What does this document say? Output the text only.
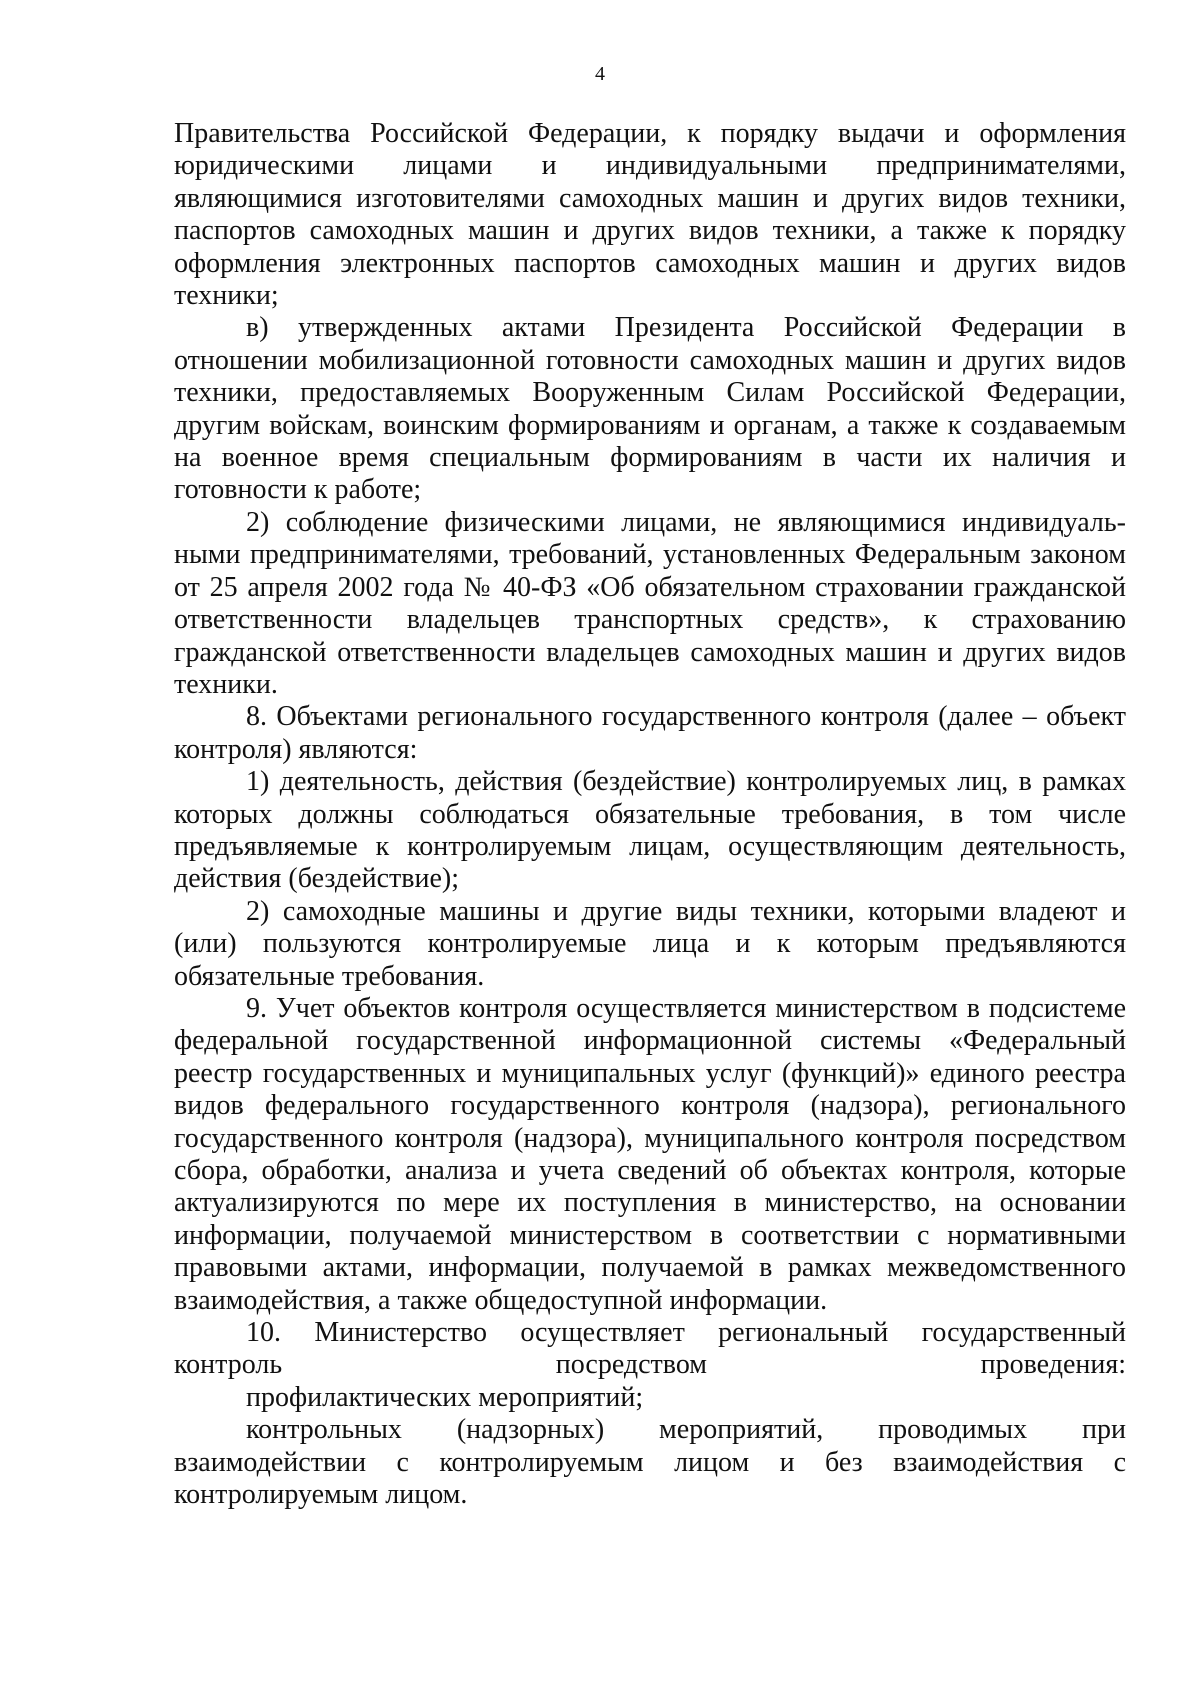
4

Правительства Российской Федерации, к порядку выдачи и оформления юридическими лицами и индивидуальными предпринимателями, являющимися изготовителями самоходных машин и других видов техники, паспортов самоходных машин и других видов техники, а также к порядку оформления электронных паспортов самоходных машин и других видов техники;

в) утвержденных актами Президента Российской Федерации в отношении мобилизационной готовности самоходных машин и других видов техники, предоставляемых Вооруженным Силам Российской Федерации, другим войскам, воинским формированиям и органам, а также к создаваемым на военное время специальным формированиям в части их наличия и готовности к работе;

2) соблюдение физическими лицами, не являющимися индивидуальными предпринимателями, требований, установленных Федеральным законом от 25 апреля 2002 года № 40-ФЗ «Об обязательном страховании гражданской ответственности владельцев транспортных средств», к страхованию гражданской ответственности владельцев самоходных машин и других видов техники.

8. Объектами регионального государственного контроля (далее – объект контроля) являются:

1) деятельность, действия (бездействие) контролируемых лиц, в рамках которых должны соблюдаться обязательные требования, в том числе предъявляемые к контролируемым лицам, осуществляющим деятельность, действия (бездействие);

2) самоходные машины и другие виды техники, которыми владеют и (или) пользуются контролируемые лица и к которым предъявляются обязательные требования.

9. Учет объектов контроля осуществляется министерством в подсистеме федеральной государственной информационной системы «Федеральный реестр государственных и муниципальных услуг (функций)» единого реестра видов федерального государственного контроля (надзора), регионального государственного контроля (надзора), муниципального контроля посредством сбора, обработки, анализа и учета сведений об объектах контроля, которые актуализируются по мере их поступления в министерство, на основании информации, получаемой министерством в соответствии с нормативными правовыми актами, информации, получаемой в рамках межведомственного взаимодействия, а также общедоступной информации.

10. Министерство осуществляет региональный государственный контроль посредством проведения:

профилактических мероприятий;

контрольных (надзорных) мероприятий, проводимых при взаимодействии с контролируемым лицом и без взаимодействия с контролируемым лицом.
